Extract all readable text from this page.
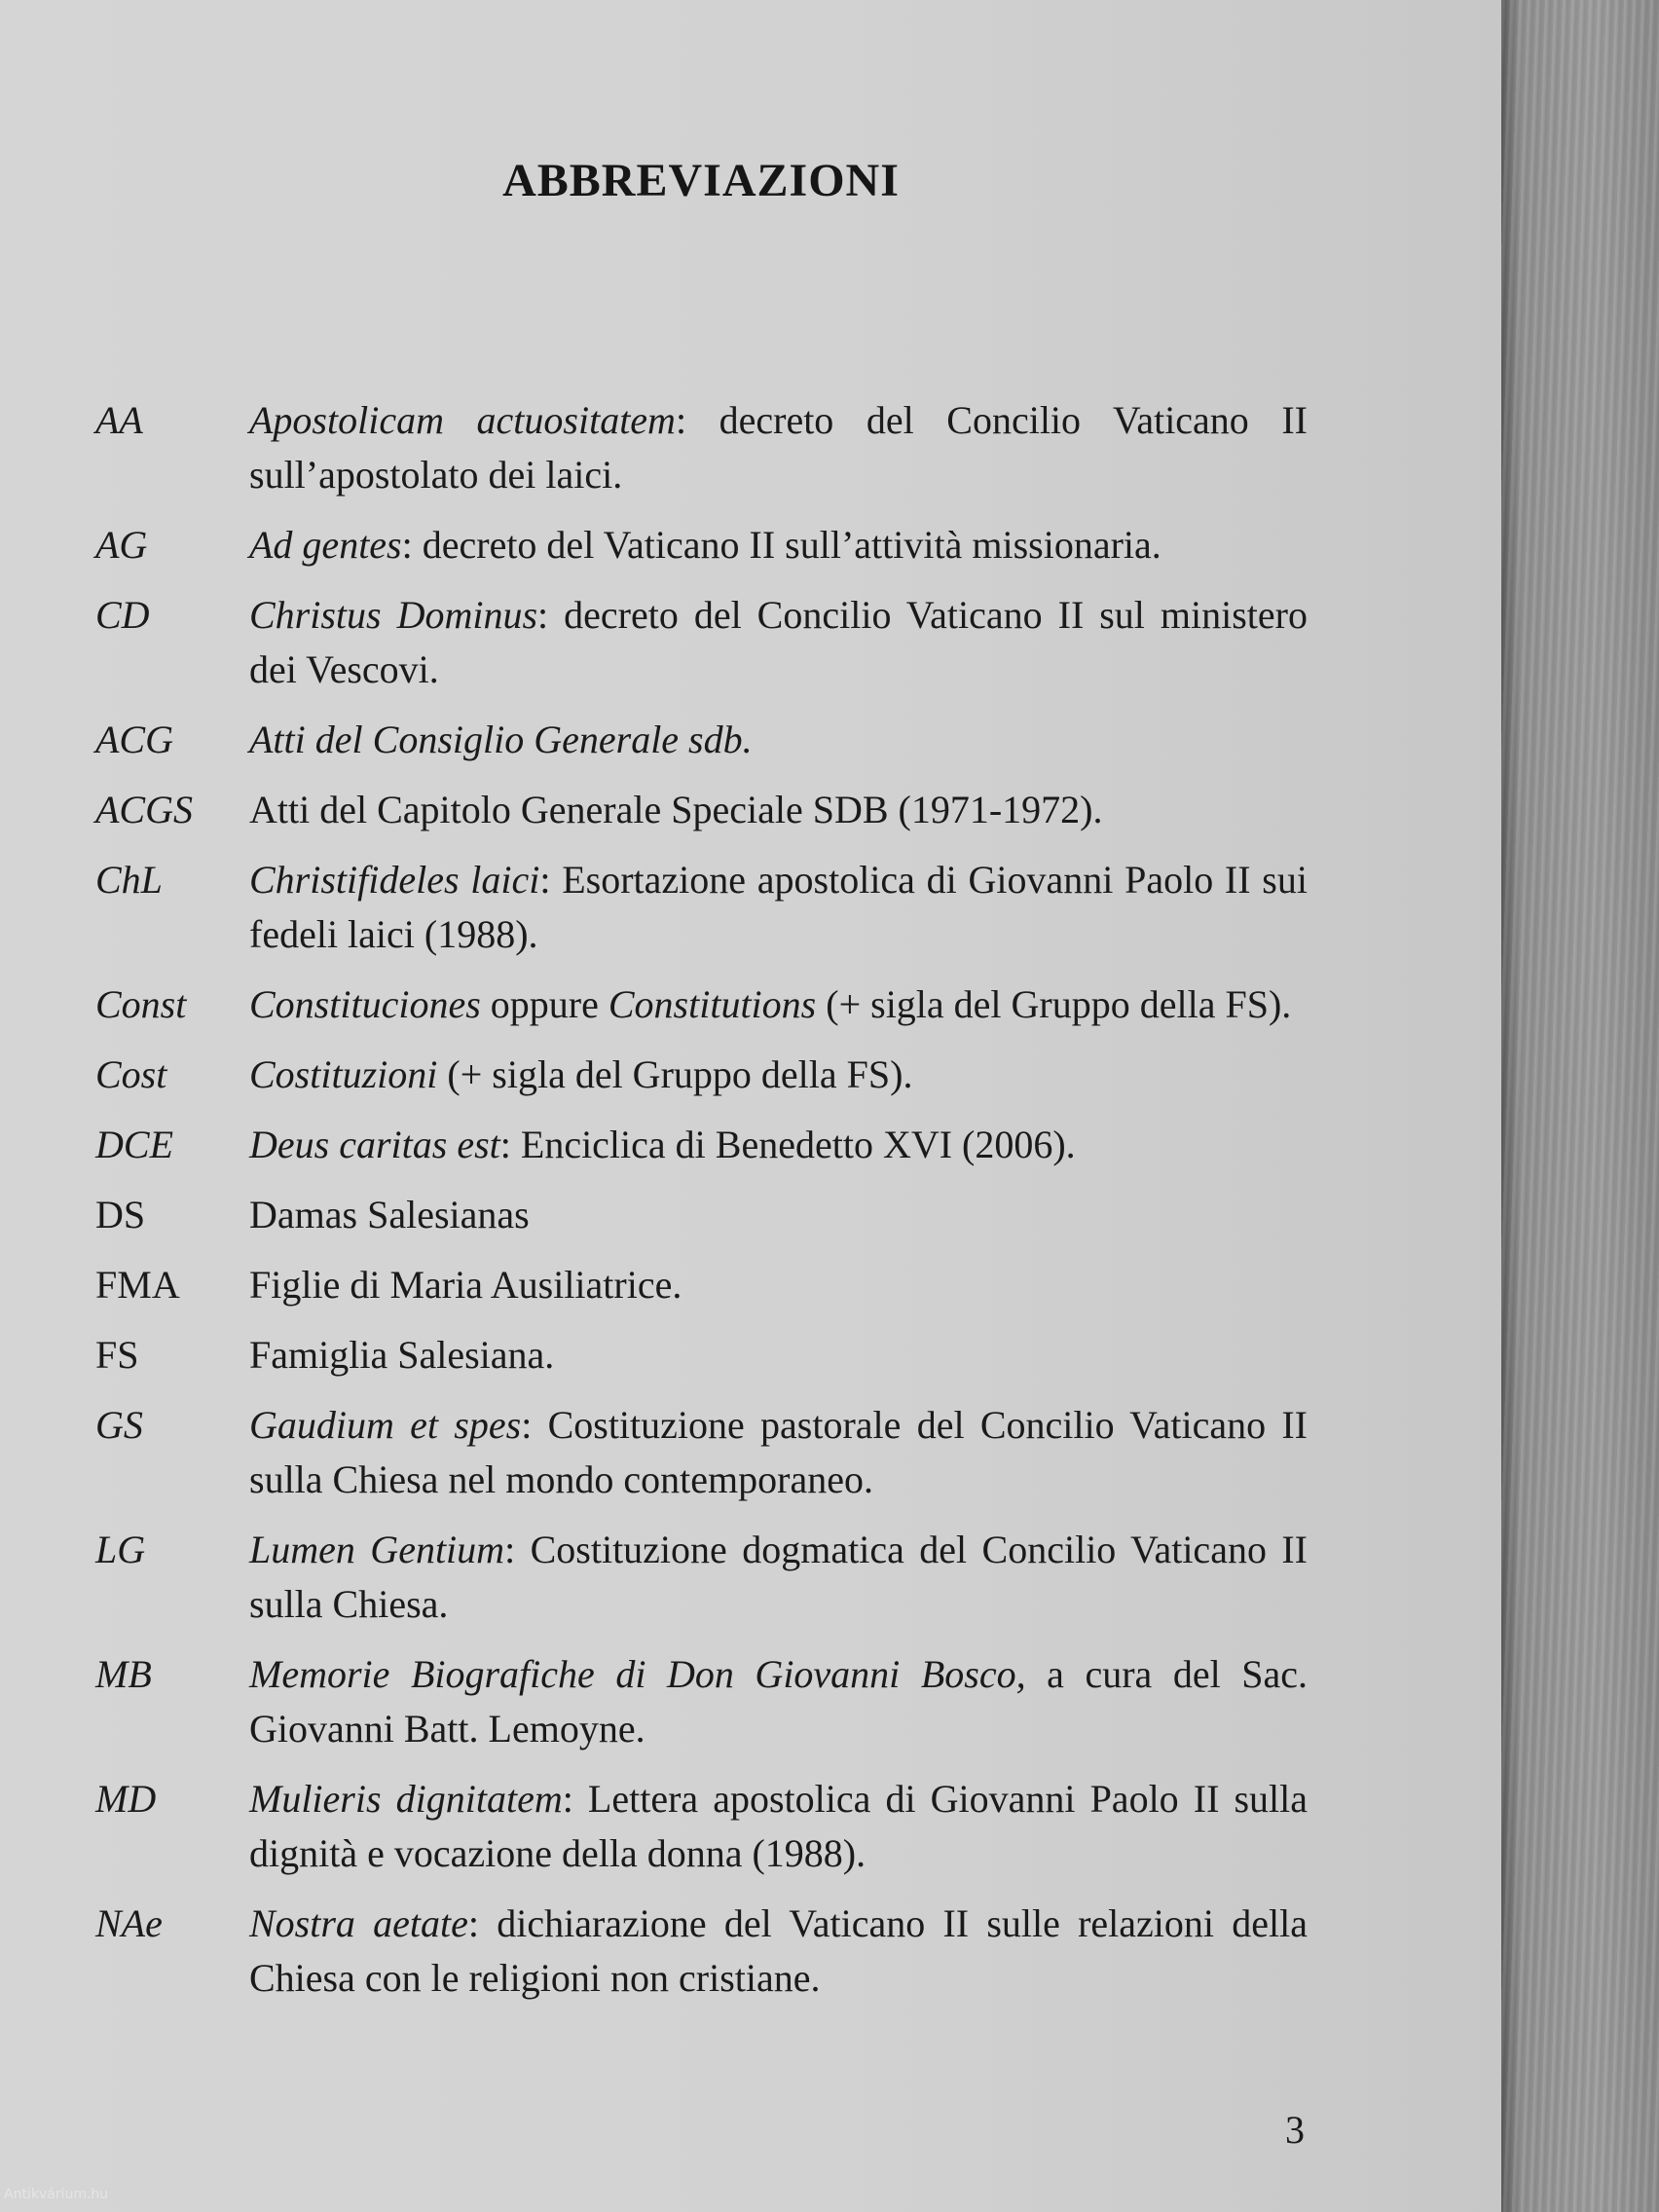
ABBREVIAZIONI
AA	Apostolicam actuositatem: decreto del Concilio Vaticano II sull’apostolato dei laici.
AG	Ad gentes: decreto del Vaticano II sull’attività missionaria.
CD	Christus Dominus: decreto del Concilio Vaticano II sul ministero dei Vescovi.
ACG	Atti del Consiglio Generale sdb.
ACGS	Atti del Capitolo Generale Speciale SDB (1971-1972).
ChL	Christifideles laici: Esortazione apostolica di Giovanni Paolo II sui fedeli laici (1988).
Const	Constituciones oppure Constitutions (+ sigla del Gruppo della FS).
Cost	Costituzioni (+ sigla del Gruppo della FS).
DCE	Deus caritas est: Enciclica di Benedetto XVI (2006).
DS	Damas Salesianas
FMA	Figlie di Maria Ausiliatrice.
FS	Famiglia Salesiana.
GS	Gaudium et spes: Costituzione pastorale del Concilio Vaticano II sulla Chiesa nel mondo contemporaneo.
LG	Lumen Gentium: Costituzione dogmatica del Concilio Vaticano II sulla Chiesa.
MB	Memorie Biografiche di Don Giovanni Bosco, a cura del Sac. Giovanni Batt. Lemoyne.
MD	Mulieris dignitatem: Lettera apostolica di Giovanni Paolo II sulla dignità e vocazione della donna (1988).
NAe	Nostra aetate: dichiarazione del Vaticano II sulle relazioni della Chiesa con le religioni non cristiane.
3
Antikvárium.hu
